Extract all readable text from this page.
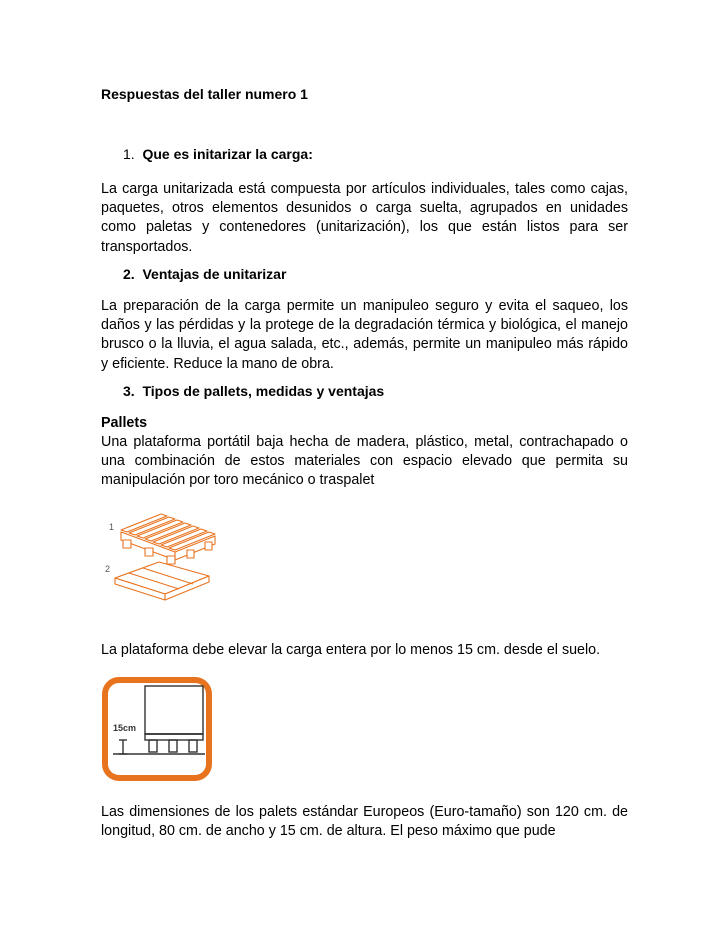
Respuestas del taller numero 1

1. Que es initarizar la carga:

La carga unitarizada está compuesta por artículos individuales, tales como cajas, paquetes, otros elementos desunidos o carga suelta, agrupados en unidades como paletas y contenedores (unitarización), los que están listos para ser transportados.

2. Ventajas de unitarizar

La preparación de la carga permite un manipuleo seguro y evita el saqueo, los daños y las pérdidas y la protege de la degradación térmica y biológica, el manejo brusco o la lluvia, el agua salada, etc., además, permite un manipuleo más rápido y eficiente. Reduce la mano de obra.

3. Tipos de pallets, medidas y ventajas

Pallets

Una plataforma portátil baja hecha de madera, plástico, metal, contrachapado o una combinación de estos materiales con espacio elevado que permita su manipulación por toro mecánico o traspalet

1
2

La plataforma debe elevar la carga entera por lo menos 15 cm. desde el suelo.

15cm

Las dimensiones de los palets estándar Europeos (Euro-tamaño) son 120 cm. de longitud, 80 cm. de ancho y 15 cm. de altura. El peso máximo que pude
